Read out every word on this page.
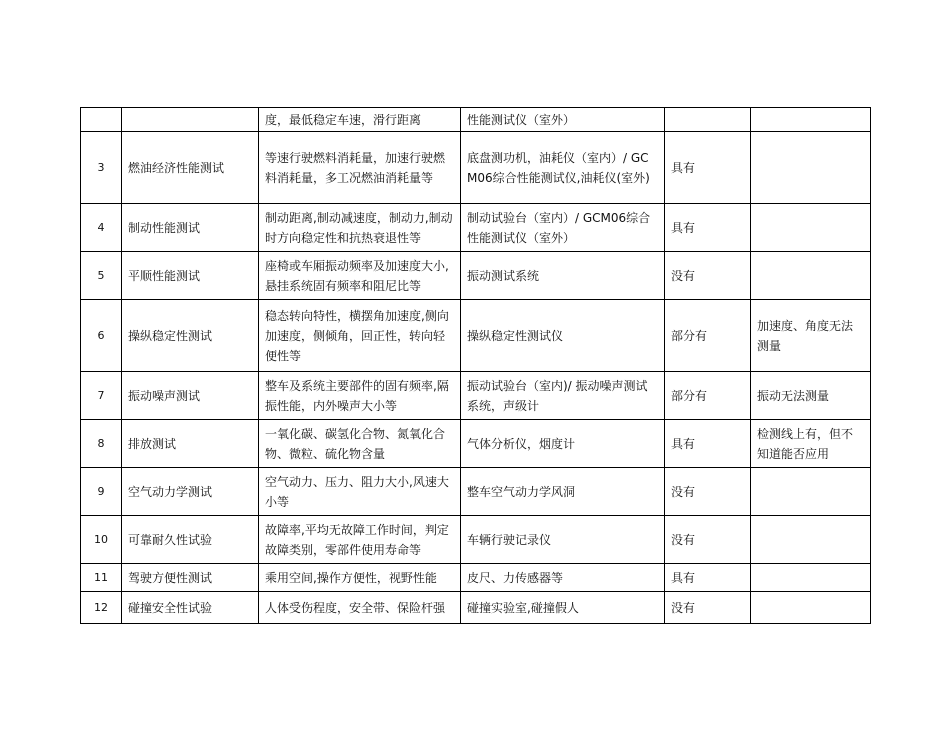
		度，最低稳定车速，滑行距离	性能测试仪（室外）		
3	燃油经济性能测试	等速行驶燃料消耗量，加速行驶燃料消耗量，多工况燃油消耗量等	底盘测功机，油耗仪（室内）/ GCM06综合性能测试仪,油耗仪(室外)	具有	
4	制动性能测试	制动距离,制动减速度，制动力,制动时方向稳定性和抗热衰退性等	制动试验台（室内）/ GCM06综合性能测试仪（室外）	具有	
5	平顺性能测试	座椅或车厢振动频率及加速度大小,悬挂系统固有频率和阻尼比等	振动测试系统	没有	
6	操纵稳定性测试	稳态转向特性，横摆角加速度,侧向加速度，侧倾角，回正性，转向轻便性等	操纵稳定性测试仪	部分有	加速度、角度无法测量
7	振动噪声测试	整车及系统主要部件的固有频率,隔振性能，内外噪声大小等	振动试验台（室内)/ 振动噪声测试系统，声级计	部分有	振动无法测量
8	排放测试	一氧化碳、碳氢化合物、氮氧化合物、微粒、硫化物含量	气体分析仪，烟度计	具有	检测线上有，但不知道能否应用
9	空气动力学测试	空气动力、压力、阻力大小,风速大小等	整车空气动力学风洞	没有	
10	可靠耐久性试验	故障率,平均无故障工作时间，判定故障类别，零部件使用寿命等	车辆行驶记录仪	没有	
11	驾驶方便性测试	乘用空间,操作方便性，视野性能	皮尺、力传感器等	具有	
12	碰撞安全性试验	人体受伤程度，安全带、保险杆强	碰撞实验室,碰撞假人	没有	
